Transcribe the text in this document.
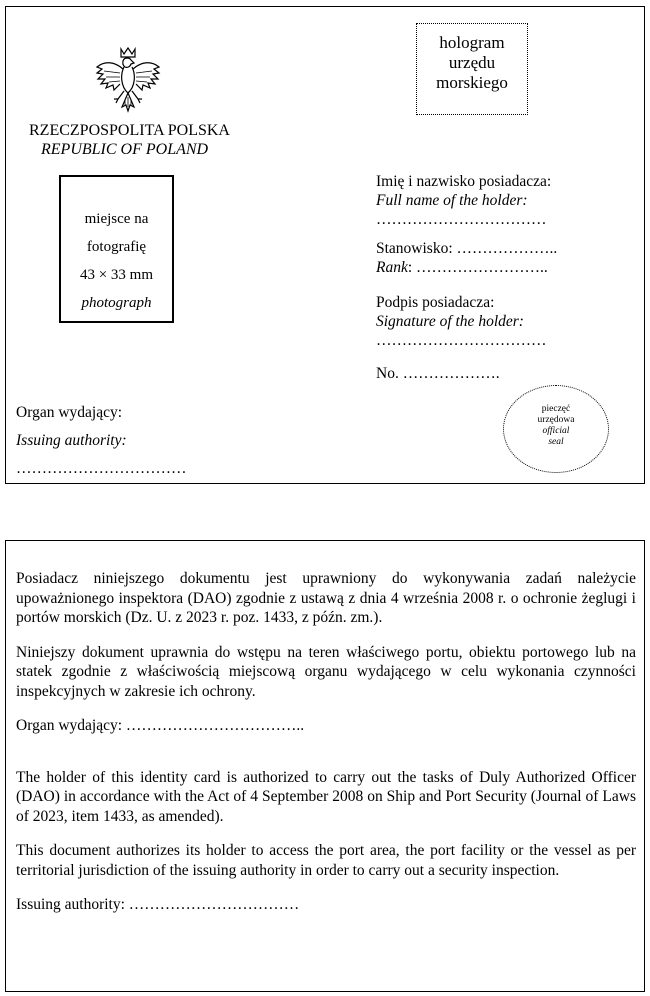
RZECZPOSPOLITA POLSKA
REPUBLIC OF POLAND
hologram
urzędu
morskiego
miejsce na
fotografię
43 × 33 mm
photograph
Imię i nazwisko posiadacza:
Full name of the holder:
……………………………
Stanowisko: ………………..
Rank: ……………………..
Podpis posiadacza:
Signature of the holder:
……………………………
No. ……………….
pieczęć
urzędowa
official
seal
Organ wydający:
Issuing authority:
……………………………

Posiadacz niniejszego dokumentu jest uprawniony do wykonywania zadań należycie upoważnionego inspektora (DAO) zgodnie z ustawą z dnia 4 września 2008 r. o ochronie żeglugi i portów morskich (Dz. U. z 2023 r. poz. 1433, z późn. zm.).

Niniejszy dokument uprawnia do wstępu na teren właściwego portu, obiektu portowego lub na statek zgodnie z właściwością miejscową organu wydającego w celu wykonania czynności inspekcyjnych w zakresie ich ochrony.

Organ wydający: ……………………………..

The holder of this identity card is authorized to carry out the tasks of Duly Authorized Officer (DAO) in accordance with the Act of 4 September 2008 on Ship and Port Security (Journal of Laws of 2023, item 1433, as amended).

This document authorizes its holder to access the port area, the port facility or the vessel as per territorial jurisdiction of the issuing authority in order to carry out a security inspection.

Issuing authority: ……………………………
